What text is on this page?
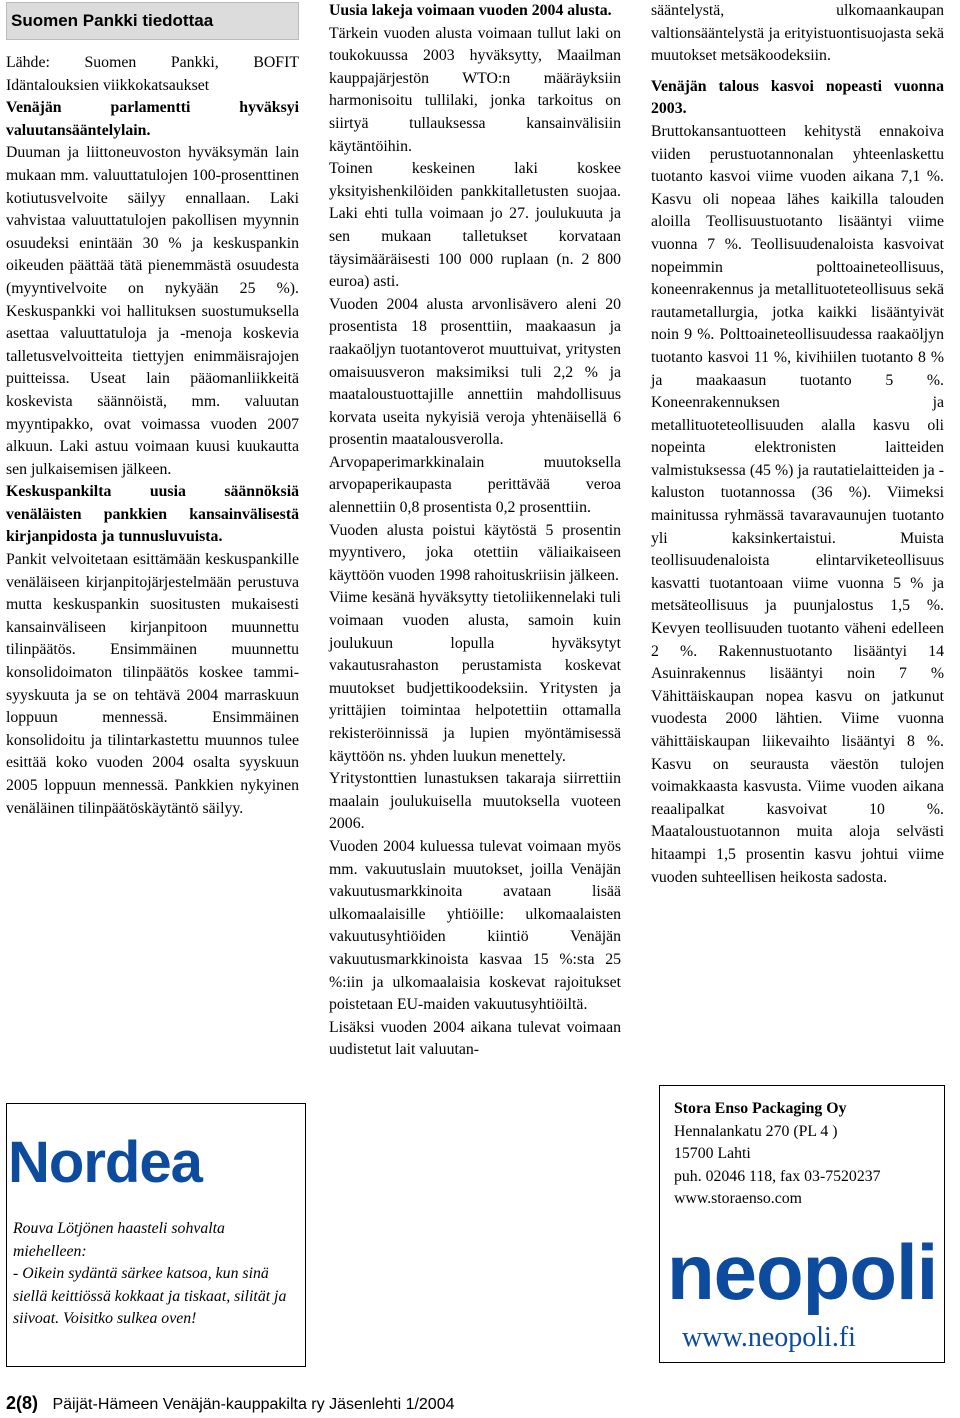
Suomen Pankki tiedottaa

Lähde: Suomen Pankki, BOFIT Idäntalouksien viikkokatsaukset

Venäjän parlamentti hyväksyi valuutansääntelylain.

Duuman ja liittoneuvoston hyväksymän lain mukaan mm. valuuttatulojen 100-prosenttinen kotiutusvelvoite säilyy ennallaan. Laki vahvistaa valuuttatulojen pakollisen myynnin osuudeksi enintään 30 % ja keskuspankin oikeuden päättää tätä pienemmästä osuudesta (myyntivelvoite on nykyään 25 %). Keskuspankki voi hallituksen suostumuksella asettaa valuuttatuloja ja -menoja koskevia talletusvelvoitteita tiettyjen enimmäisrajojen puitteissa. Useat lain pääomanliikkeitä koskevista säännöistä, mm. valuutan myyntipakko, ovat voimassa vuoden 2007 alkuun. Laki astuu voimaan kuusi kuukautta sen julkaisemisen jälkeen.

Keskuspankilta uusia säännöksiä venäläisten pankkien kansainvälisestä kirjanpidosta ja tunnusluvuista.

Pankit velvoitetaan esittämään keskuspankille venäläiseen kirjanpitojärjestelmään perustuva mutta keskuspankin suositusten mukaisesti kansainväliseen kirjanpitoon muunnettu tilinpäätös. Ensimmäinen muunnettu konsolidoimaton tilinpäätös koskee tammi-syyskuuta ja se on tehtävä 2004 marraskuun loppuun mennessä. Ensimmäinen konsolidoitu ja tilintarkastettu muunnos tulee esittää koko vuoden 2004 osalta syyskuun 2005 loppuun mennessä. Pankkien nykyinen venäläinen tilinpäätöskäytäntö säilyy.

Nordea
Rouva Lötjönen haasteli sohvalta miehelleen:
- Oikein sydäntä särkee katsoa, kun sinä siellä keittiössä kokkaat ja tiskaat, silität ja siivoat. Voisitko sulkea oven!
Uusia lakeja voimaan vuoden 2004 alusta.

Tärkein vuoden alusta voimaan tullut laki on toukokuussa 2003 hyväksytty, Maailman kauppajärjestön WTO:n määräyksiin harmonisoitu tullilaki, jonka tarkoitus on siirtyä tullauksessa kansainvälisiin käytäntöihin.

Toinen keskeinen laki koskee yksityishenkilöiden pankkitalletusten suojaa. Laki ehti tulla voimaan jo 27. joulukuuta ja sen mukaan talletukset korvataan täysimääräisesti 100 000 ruplaan (n. 2 800 euroa) asti.

Vuoden 2004 alusta arvonlisävero aleni 20 prosentista 18 prosenttiin, maakaasun ja raakaöljyn tuotantoverot muuttuivat, yritysten omaisuusveron maksimiksi tuli 2,2 % ja maataloustuottajille annettiin mahdollisuus korvata useita nykyisiä veroja yhtenäisellä 6 prosentin maatalousverolla.

Arvopaperimarkkinalain muutoksella arvopaperikaupasta perittävää veroa alennettiin 0,8 prosentista 0,2 prosenttiin.

Vuoden alusta poistui käytöstä 5 prosentin myyntivero, joka otettiin väliaikaiseen käyttöön vuoden 1998 rahoituskriisin jälkeen.

Viime kesänä hyväksytty tietoliikennelaki tuli voimaan vuoden alusta, samoin kuin joulukuun lopulla hyväksytyt vakautusrahaston perustamista koskevat muutokset budjettikoodeksiin. Yritysten ja yrittäjien toimintaa helpotettiin ottamalla rekisteröinnissä ja lupien myöntämisessä käyttöön ns. yhden luukun menettely.

Yritystonttien lunastuksen takaraja siirrettiin maalain joulukuisella muutoksella vuoteen 2006.

Vuoden 2004 kuluessa tulevat voimaan myös mm. vakuutuslain muutokset, joilla Venäjän vakuutusmarkkinoita avataan lisää ulkomaalaisille yhtiöille: ulkomaalaisten vakuutusyhtiöiden kiintiö Venäjän vakuutusmarkkinoista kasvaa 15 %:sta 25 %:iin ja ulkomaalaisia koskevat rajoitukset poistetaan EU-maiden vakuutusyhtiöiltä.

Lisäksi vuoden 2004 aikana tulevat voimaan uudistetut lait valuutan-

sääntelystä, ulkomaankaupan valtionsääntelystä ja erityistuontisuojasta sekä muutokset metsäkoodeksiin.

Venäjän talous kasvoi nopeasti vuonna 2003.

Bruttokansantuotteen kehitystä ennakoiva viiden perustuotannonalan yhteenlaskettu tuotanto kasvoi viime vuoden aikana 7,1 %. Kasvu oli nopeaa lähes kaikilla talouden aloilla Teollisuustuotanto lisääntyi viime vuonna 7 %. Teollisuudenaloista kasvoivat nopeimmin polttoaineteollisuus, koneenrakennus ja metallituoteteollisuus sekä rautametallurgia, jotka kaikki lisääntyivät noin 9 %. Polttoaineteollisuudessa raakaöljyn tuotanto kasvoi 11 %, kivihiilen tuotanto 8 % ja maakaasun tuotanto 5 %. Koneenrakennuksen ja metallituoteteollisuuden alalla kasvu oli nopeinta elektronisten laitteiden valmistuksessa (45 %) ja rautatielaitteiden ja -kaluston tuotannossa (36 %). Viimeksi mainitussa ryhmässä tavaravaunujen tuotanto yli kaksinkertaistui. Muista teollisuudenaloista elintarviketeollisuus kasvatti tuotantoaan viime vuonna 5 % ja metsäteollisuus ja puunjalostus 1,5 %. Kevyen teollisuuden tuotanto väheni edelleen 2 %. Rakennustuotanto lisääntyi 14 Asuinrakennus lisääntyi noin 7 % Vähittäiskaupan nopea kasvu on jatkunut vuodesta 2000 lähtien. Viime vuonna vähittäiskaupan liikevaihto lisääntyi 8 %. Kasvu on seurausta väestön tulojen voimakkaasta kasvusta. Viime vuoden aikana reaalipalkat kasvoivat 10 %. Maataloustuotannon muita aloja selvästi hitaampi 1,5 prosentin kasvu johtui viime vuoden suhteellisen heikosta sadosta.

Stora Enso Packaging Oy
Hennalankatu 270 (PL 4 )
15700 Lahti
puh. 02046 118, fax 03-7520237
www.storaenso.com
neopoli
www.neopoli.fi
2(8) Päijät-Hämeen Venäjän-kauppakilta ry Jäsenlehti 1/2004
